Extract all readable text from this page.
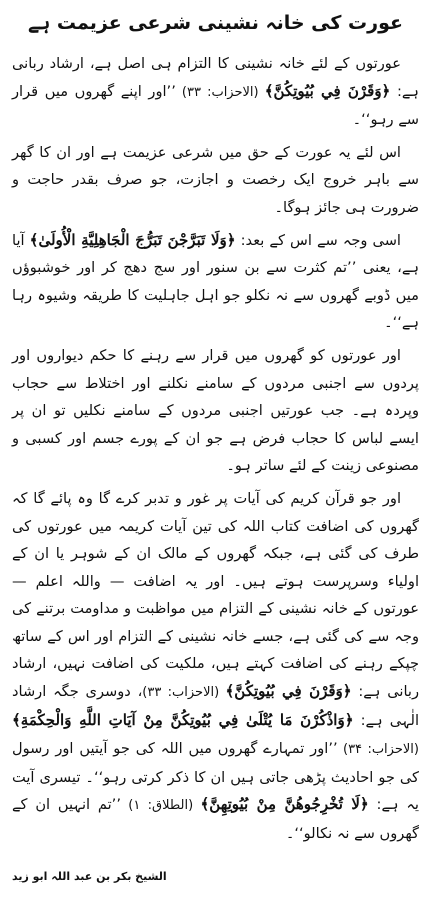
عورت کی خانہ نشینی شرعی عزیمت ہے

عورتوں کے لئے خانہ نشینی کا التزام ہی اصل ہے، ارشاد ربانی ہے: ﴿وَقَرْنَ فِي بُيُوتِكُنَّ﴾ (الاحزاب: ۳۳) ’’اور اپنے گھروں میں قرار سے رہو‘‘۔

اس لئے یہ عورت کے حق میں شرعی عزیمت ہے اور ان کا گھر سے باہر خروج ایک رخصت و اجازت، جو صرف بقدر حاجت و ضرورت ہی جائز ہوگا۔

اسی وجہ سے اس کے بعد: ﴿وَلَا تَبَرَّجْنَ تَبَرُّجَ الْجَاهِلِيَّةِ الْأُولَىٰ﴾ آیا ہے، یعنی ’’تم کثرت سے بن سنور اور سج دھج کر اور خوشبوؤں میں ڈوبے گھروں سے نہ نکلو جو اہل جاہلیت کا طریقہ وشیوہ رہا ہے‘‘۔

اور عورتوں کو گھروں میں قرار سے رہنے کا حکم دیواروں اور پردوں سے اجنبی مردوں کے سامنے نکلنے اور اختلاط سے حجاب وپردہ ہے۔ جب عورتیں اجنبی مردوں کے سامنے نکلیں تو ان پر ایسے لباس کا حجاب فرض ہے جو ان کے پورے جسم اور کسبی و مصنوعی زینت کے لئے ساتر ہو۔

اور جو قرآن کریم کی آیات پر غور و تدبر کرے گا وہ پائے گا کہ گھروں کی اضافت کتاب اللہ کی تین آیات کریمہ میں عورتوں کی طرف کی گئی ہے، جبکہ گھروں کے مالک ان کے شوہر یا ان کے اولیاء وسرپرست ہوتے ہیں۔ اور یہ اضافت — واللہ اعلم — عورتوں کے خانہ نشینی کے التزام میں مواظبت و مداومت برتنے کی وجہ سے کی گئی ہے، جسے خانہ نشینی کے التزام اور اس کے ساتھ چپکے رہنے کی اضافت کہتے ہیں، ملکیت کی اضافت نہیں، ارشاد ربانی ہے: ﴿وَقَرْنَ فِي بُيُوتِكُنَّ﴾ (الاحزاب: ۳۳)، دوسری جگہ ارشاد الٰہی ہے: ﴿وَاذْكُرْنَ مَا يُتْلَىٰ فِي بُيُوتِكُنَّ مِنْ آيَاتِ اللَّهِ وَالْحِكْمَةِ﴾ (الاحزاب: ۳۴) ’’اور تمہارے گھروں میں اللہ کی جو آیتیں اور رسول کی جو احادیث پڑھی جاتی ہیں ان کا ذکر کرتی رہو‘‘۔ تیسری آیت یہ ہے: ﴿لَا تُخْرِجُوهُنَّ مِنْ بُيُوتِهِنَّ﴾ (الطلاق: ۱) ’’تم انہیں ان کے گھروں سے نہ نکالو‘‘۔

الشیخ بکر بن عبد اللہ ابو زید
